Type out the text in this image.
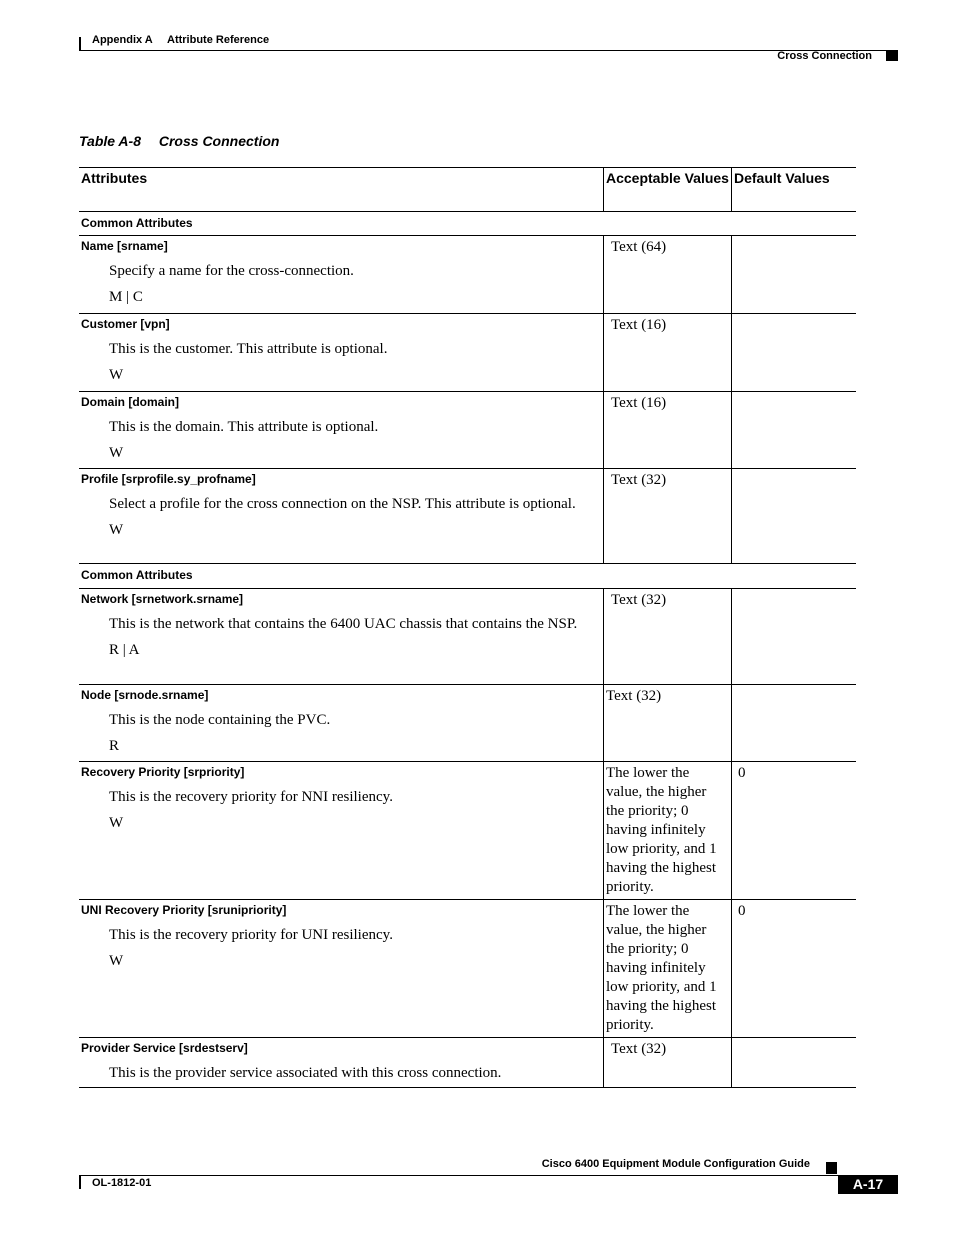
Appendix A Attribute Reference
Cross Connection
Table A-8 Cross Connection
Attributes	Acceptable Values Default Values
Common Attributes
Name [srname]

Specify a name for the cross-connection.

M | C

Text (64)
Customer [vpn]

This is the customer. This attribute is optional.

W

Text (16)
Domain [domain]

This is the domain. This attribute is optional.

W

Text (16)
Profile [srprofile.sy_profname]

Select a profile for the cross connection on the NSP. This attribute is optional.

W

Text (32)
Common Attributes
Network [srnetwork.srname]

This is the network that contains the 6400 UAC chassis that contains the NSP.

R | A

Text (32)
Node [srnode.srname]

This is the node containing the PVC.

R

Text (32)
Recovery Priority [srpriority]

This is the recovery priority for NNI resiliency.

W

The lower the value, the higher the priority; 0 having infinitely low priority, and 1 having the highest priority.
0
UNI Recovery Priority [srunipriority]

This is the recovery priority for UNI resiliency.

W

The lower the value, the higher the priority; 0 having infinitely low priority, and 1 having the highest priority.
0
Provider Service [srdestserv]

This is the provider service associated with this cross connection.

Text (32)
Cisco 6400 Equipment Module Configuration Guide
OL-1812-01	A-17
